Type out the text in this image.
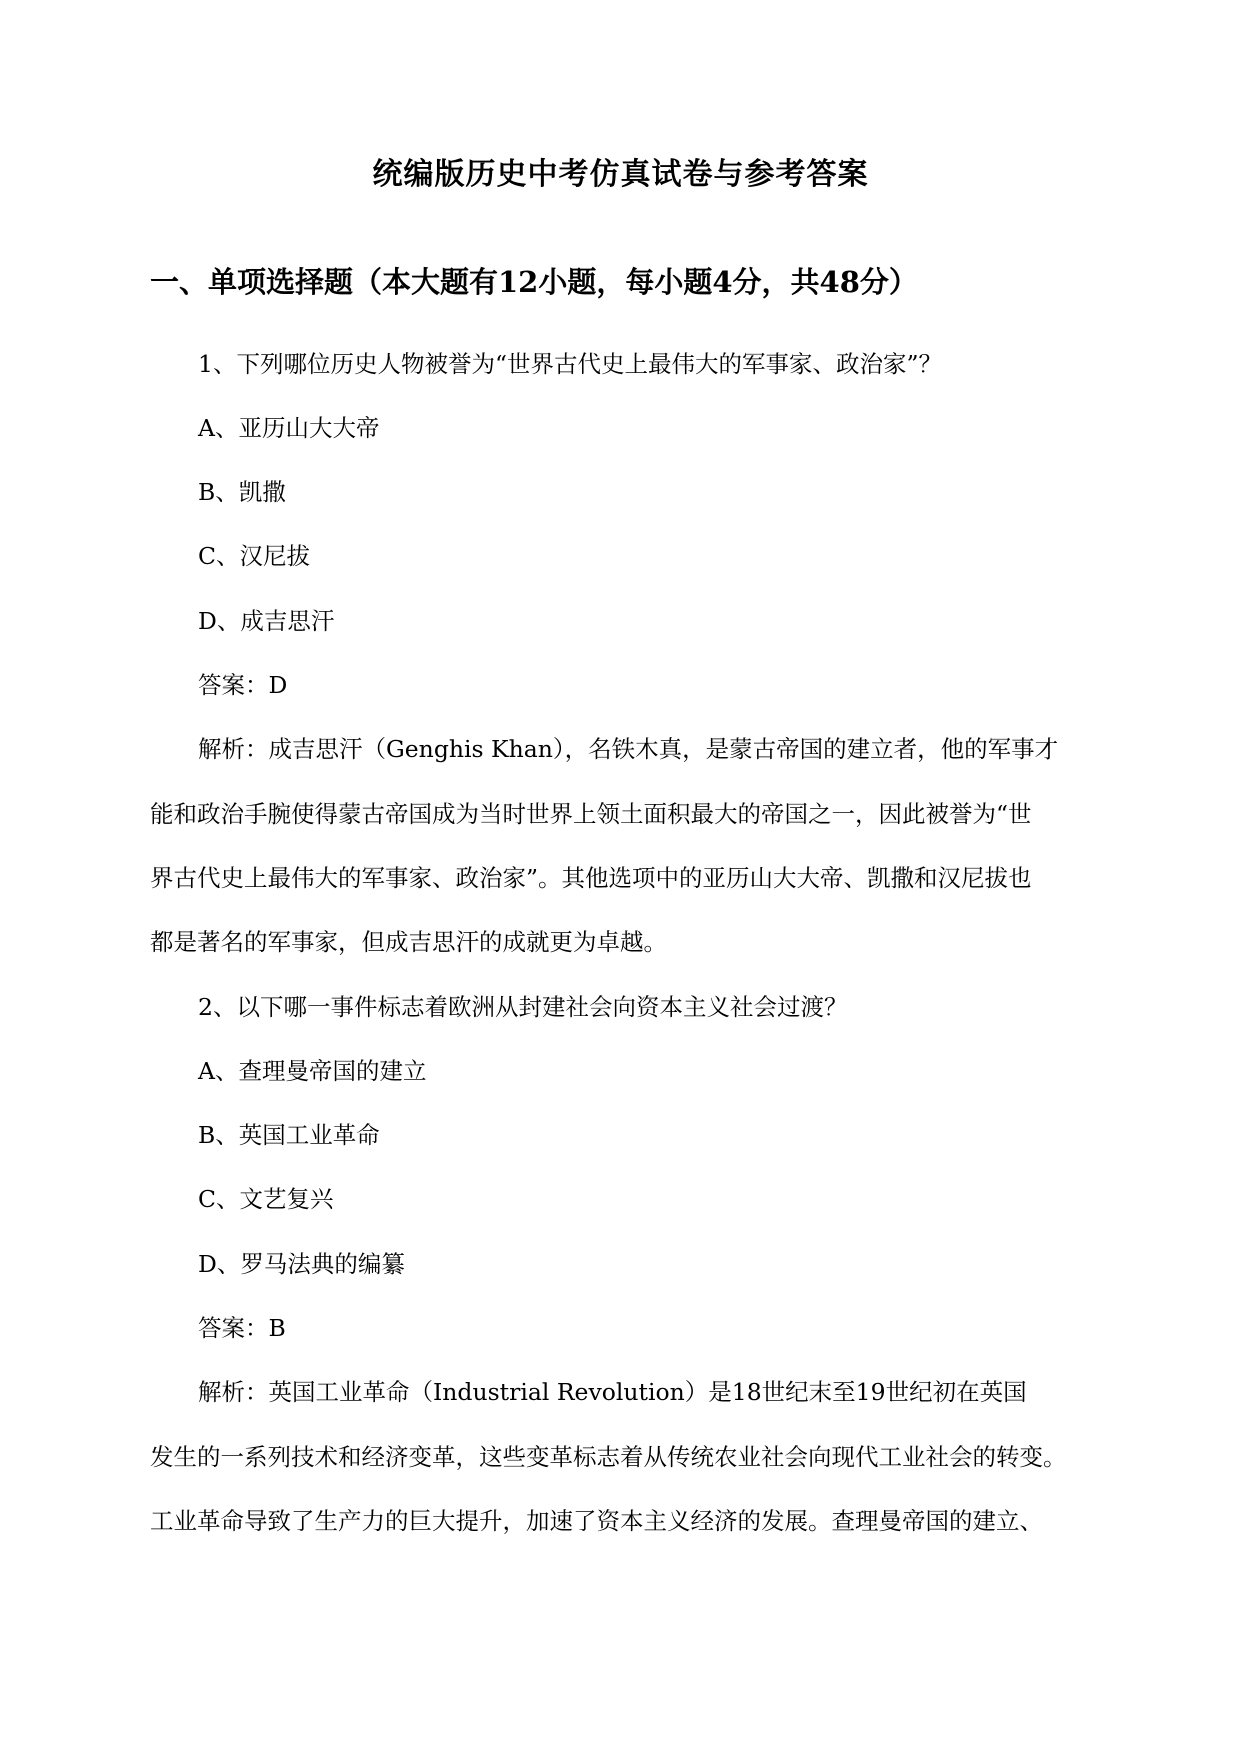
统编版历史中考仿真试卷与参考答案
一、单项选择题（本大题有12小题，每小题4分，共48分）
1、下列哪位历史人物被誉为“世界古代史上最伟大的军事家、政治家”？
A、亚历山大大帝
B、凯撒
C、汉尼拔
D、成吉思汗
答案：D
解析：成吉思汗（Genghis Khan），名铁木真，是蒙古帝国的建立者，他的军事才
能和政治手腕使得蒙古帝国成为当时世界上领土面积最大的帝国之一，因此被誉为“世
界古代史上最伟大的军事家、政治家”。其他选项中的亚历山大大帝、凯撒和汉尼拔也
都是著名的军事家，但成吉思汗的成就更为卓越。
2、以下哪一事件标志着欧洲从封建社会向资本主义社会过渡？
A、查理曼帝国的建立
B、英国工业革命
C、文艺复兴
D、罗马法典的编纂
答案：B
解析：英国工业革命（Industrial Revolution）是18世纪末至19世纪初在英国
发生的一系列技术和经济变革，这些变革标志着从传统农业社会向现代工业社会的转变。
工业革命导致了生产力的巨大提升，加速了资本主义经济的发展。查理曼帝国的建立、
